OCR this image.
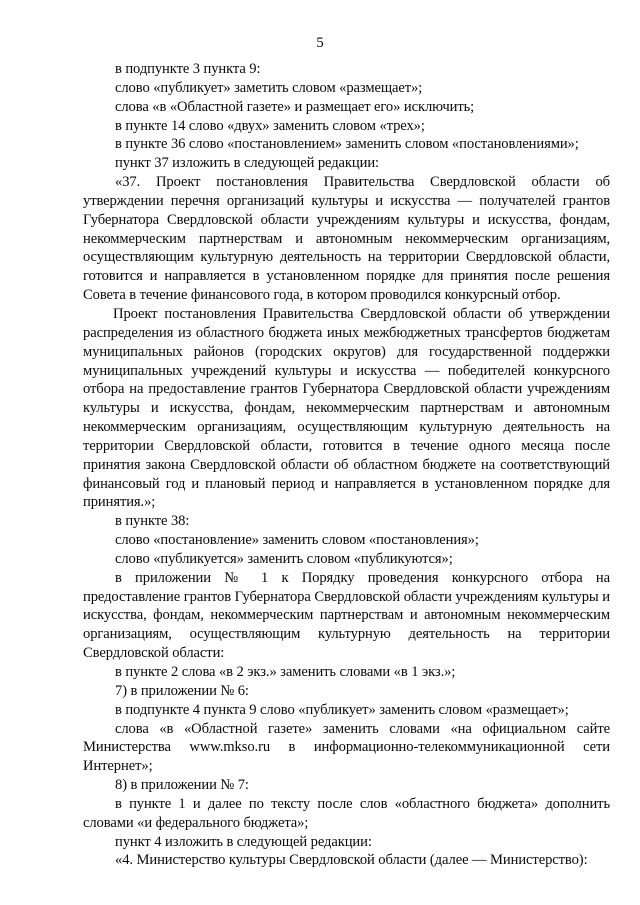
5

в подпункте 3 пункта 9:

слово «публикует» заметить словом «размещает»;

слова «в «Областной газете» и размещает его» исключить;

в пункте 14 слово «двух» заменить словом «трех»;

в пункте 36 слово «постановлением» заменить словом «постановлениями»;

пункт 37 изложить в следующей редакции:

«37. Проект постановления Правительства Свердловской области об утверждении перечня организаций культуры и искусства — получателей грантов Губернатора Свердловской области учреждениям культуры и искусства, фондам, некоммерческим партнерствам и автономным некоммерческим организациям, осуществляющим культурную деятельность на территории Свердловской области, готовится и направляется в установленном порядке для принятия после решения Совета в течение финансового года, в котором проводился конкурсный отбор.

Проект постановления Правительства Свердловской области об утверждении распределения из областного бюджета иных межбюджетных трансфертов бюджетам муниципальных районов (городских округов) для государственной поддержки муниципальных учреждений культуры и искусства — победителей конкурсного отбора на предоставление грантов Губернатора Свердловской области учреждениям культуры и искусства, фондам, некоммерческим партнерствам и автономным некоммерческим организациям, осуществляющим культурную деятельность на территории Свердловской области, готовится в течение одного месяца после принятия закона Свердловской области об областном бюджете на соответствующий финансовый год и плановый период и направляется в установленном порядке для принятия.»;

в пункте 38:

слово «постановление» заменить словом «постановления»;

слово «публикуется» заменить словом «публикуются»;

в приложении № 1 к Порядку проведения конкурсного отбора на предоставление грантов Губернатора Свердловской области учреждениям культуры и искусства, фондам, некоммерческим партнерствам и автономным некоммерческим организациям, осуществляющим культурную деятельность на территории Свердловской области:

в пункте 2 слова «в 2 экз.» заменить словами «в 1 экз.»;

7) в приложении № 6:

в подпункте 4 пункта 9 слово «публикует» заменить словом «размещает»;

слова «в «Областной газете» заменить словами «на официальном сайте Министерства www.mkso.ru в информационно-телекоммуникационной сети Интернет»;

8) в приложении № 7:

в пункте 1 и далее по тексту после слов «областного бюджета» дополнить словами «и федерального бюджета»;

пункт 4 изложить в следующей редакции:

«4. Министерство культуры Свердловской области (далее — Министерство):
